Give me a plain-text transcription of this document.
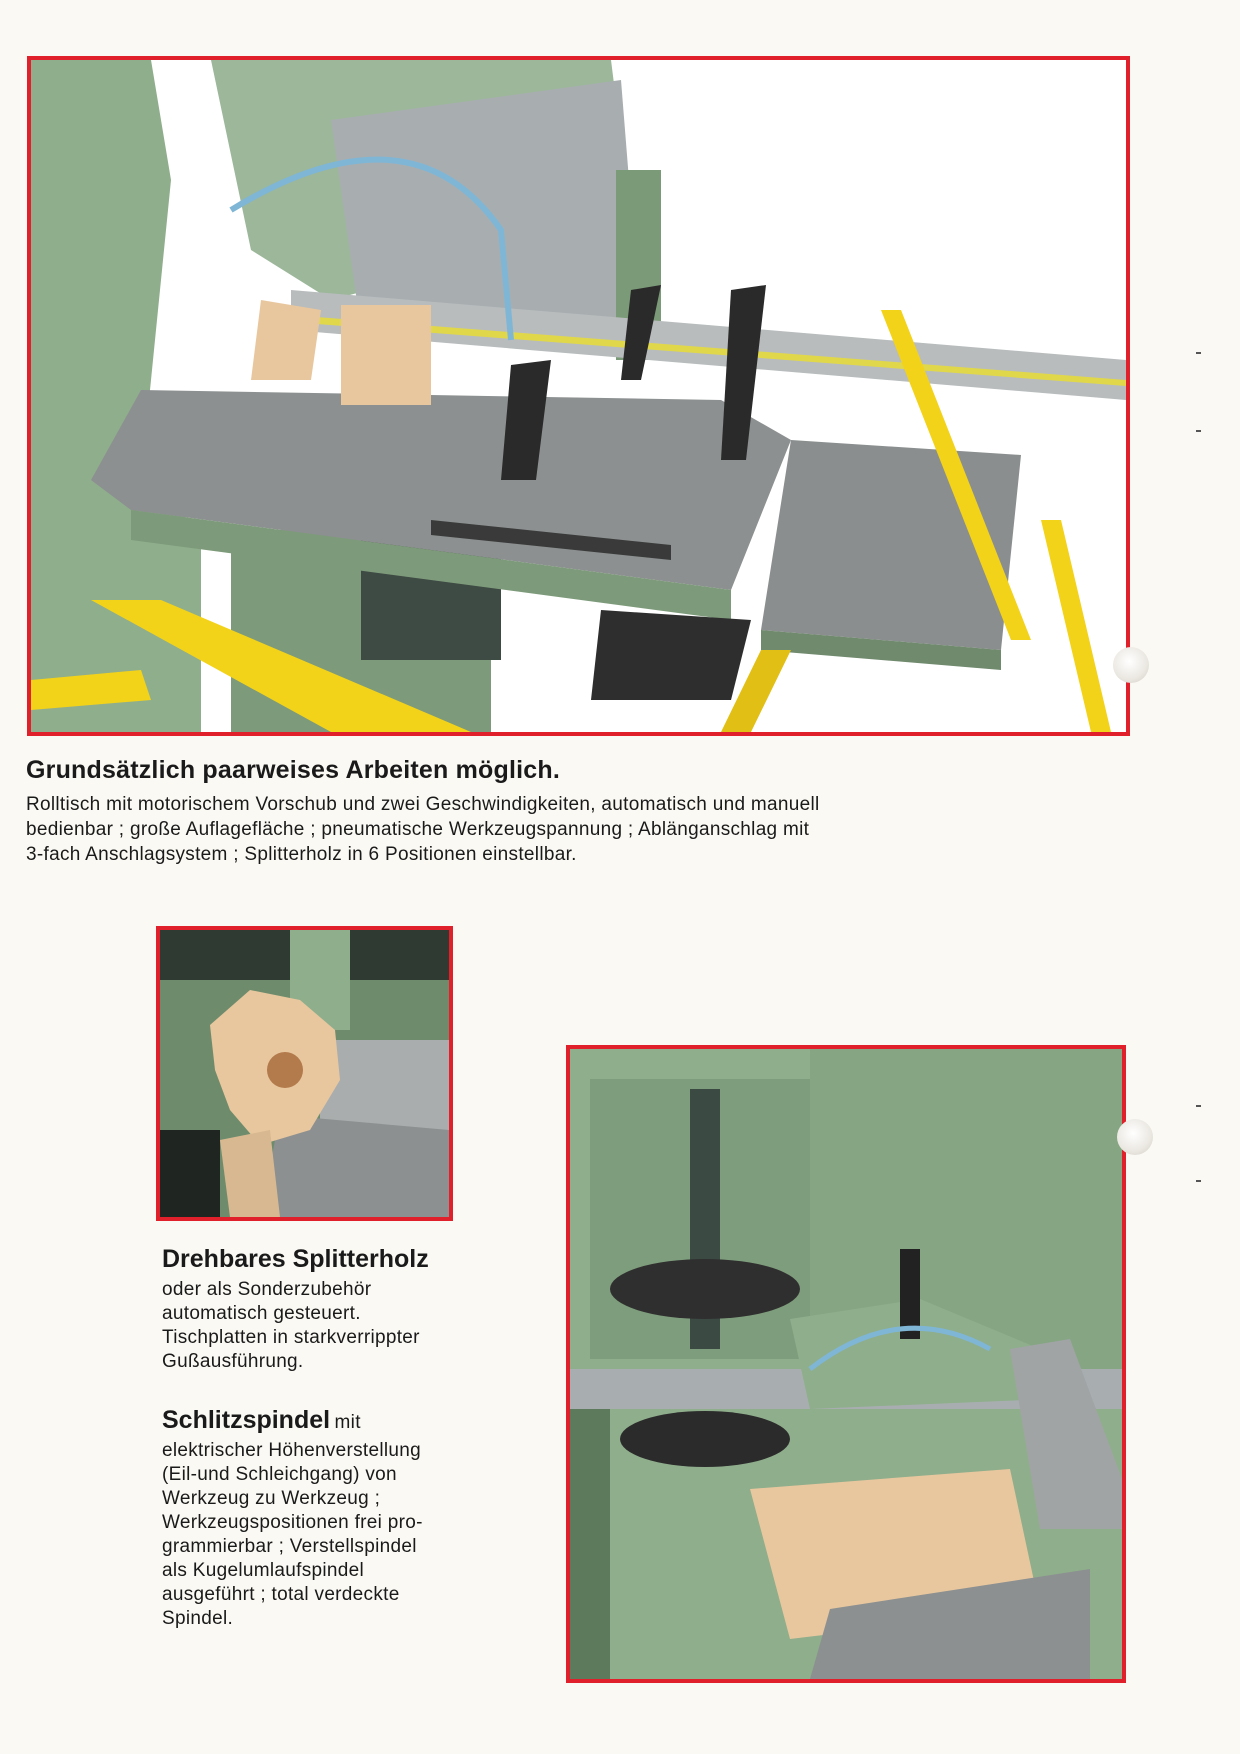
Grundsätzlich paarweises Arbeiten möglich.

Rolltisch mit motorischem Vorschub und zwei Geschwindigkeiten, automatisch und manuell
bedienbar ; große Auflagefläche ; pneumatische Werkzeugspannung ; Ablänganschlag mit
3-fach Anschlagsystem ; Splitterholz in 6 Positionen einstellbar.

Drehbares Splitterholz
oder als Sonderzubehör
automatisch gesteuert.
Tischplatten in starkverrippter
Gußausführung.
Schlitzspindel mit
elektrischer Höhenverstellung
(Eil-und Schleichgang) von
Werkzeug zu Werkzeug ;
Werkzeugspositionen frei pro-
grammierbar ; Verstellspindel
als Kugelumlaufspindel
ausgeführt ; total verdeckte
Spindel.
